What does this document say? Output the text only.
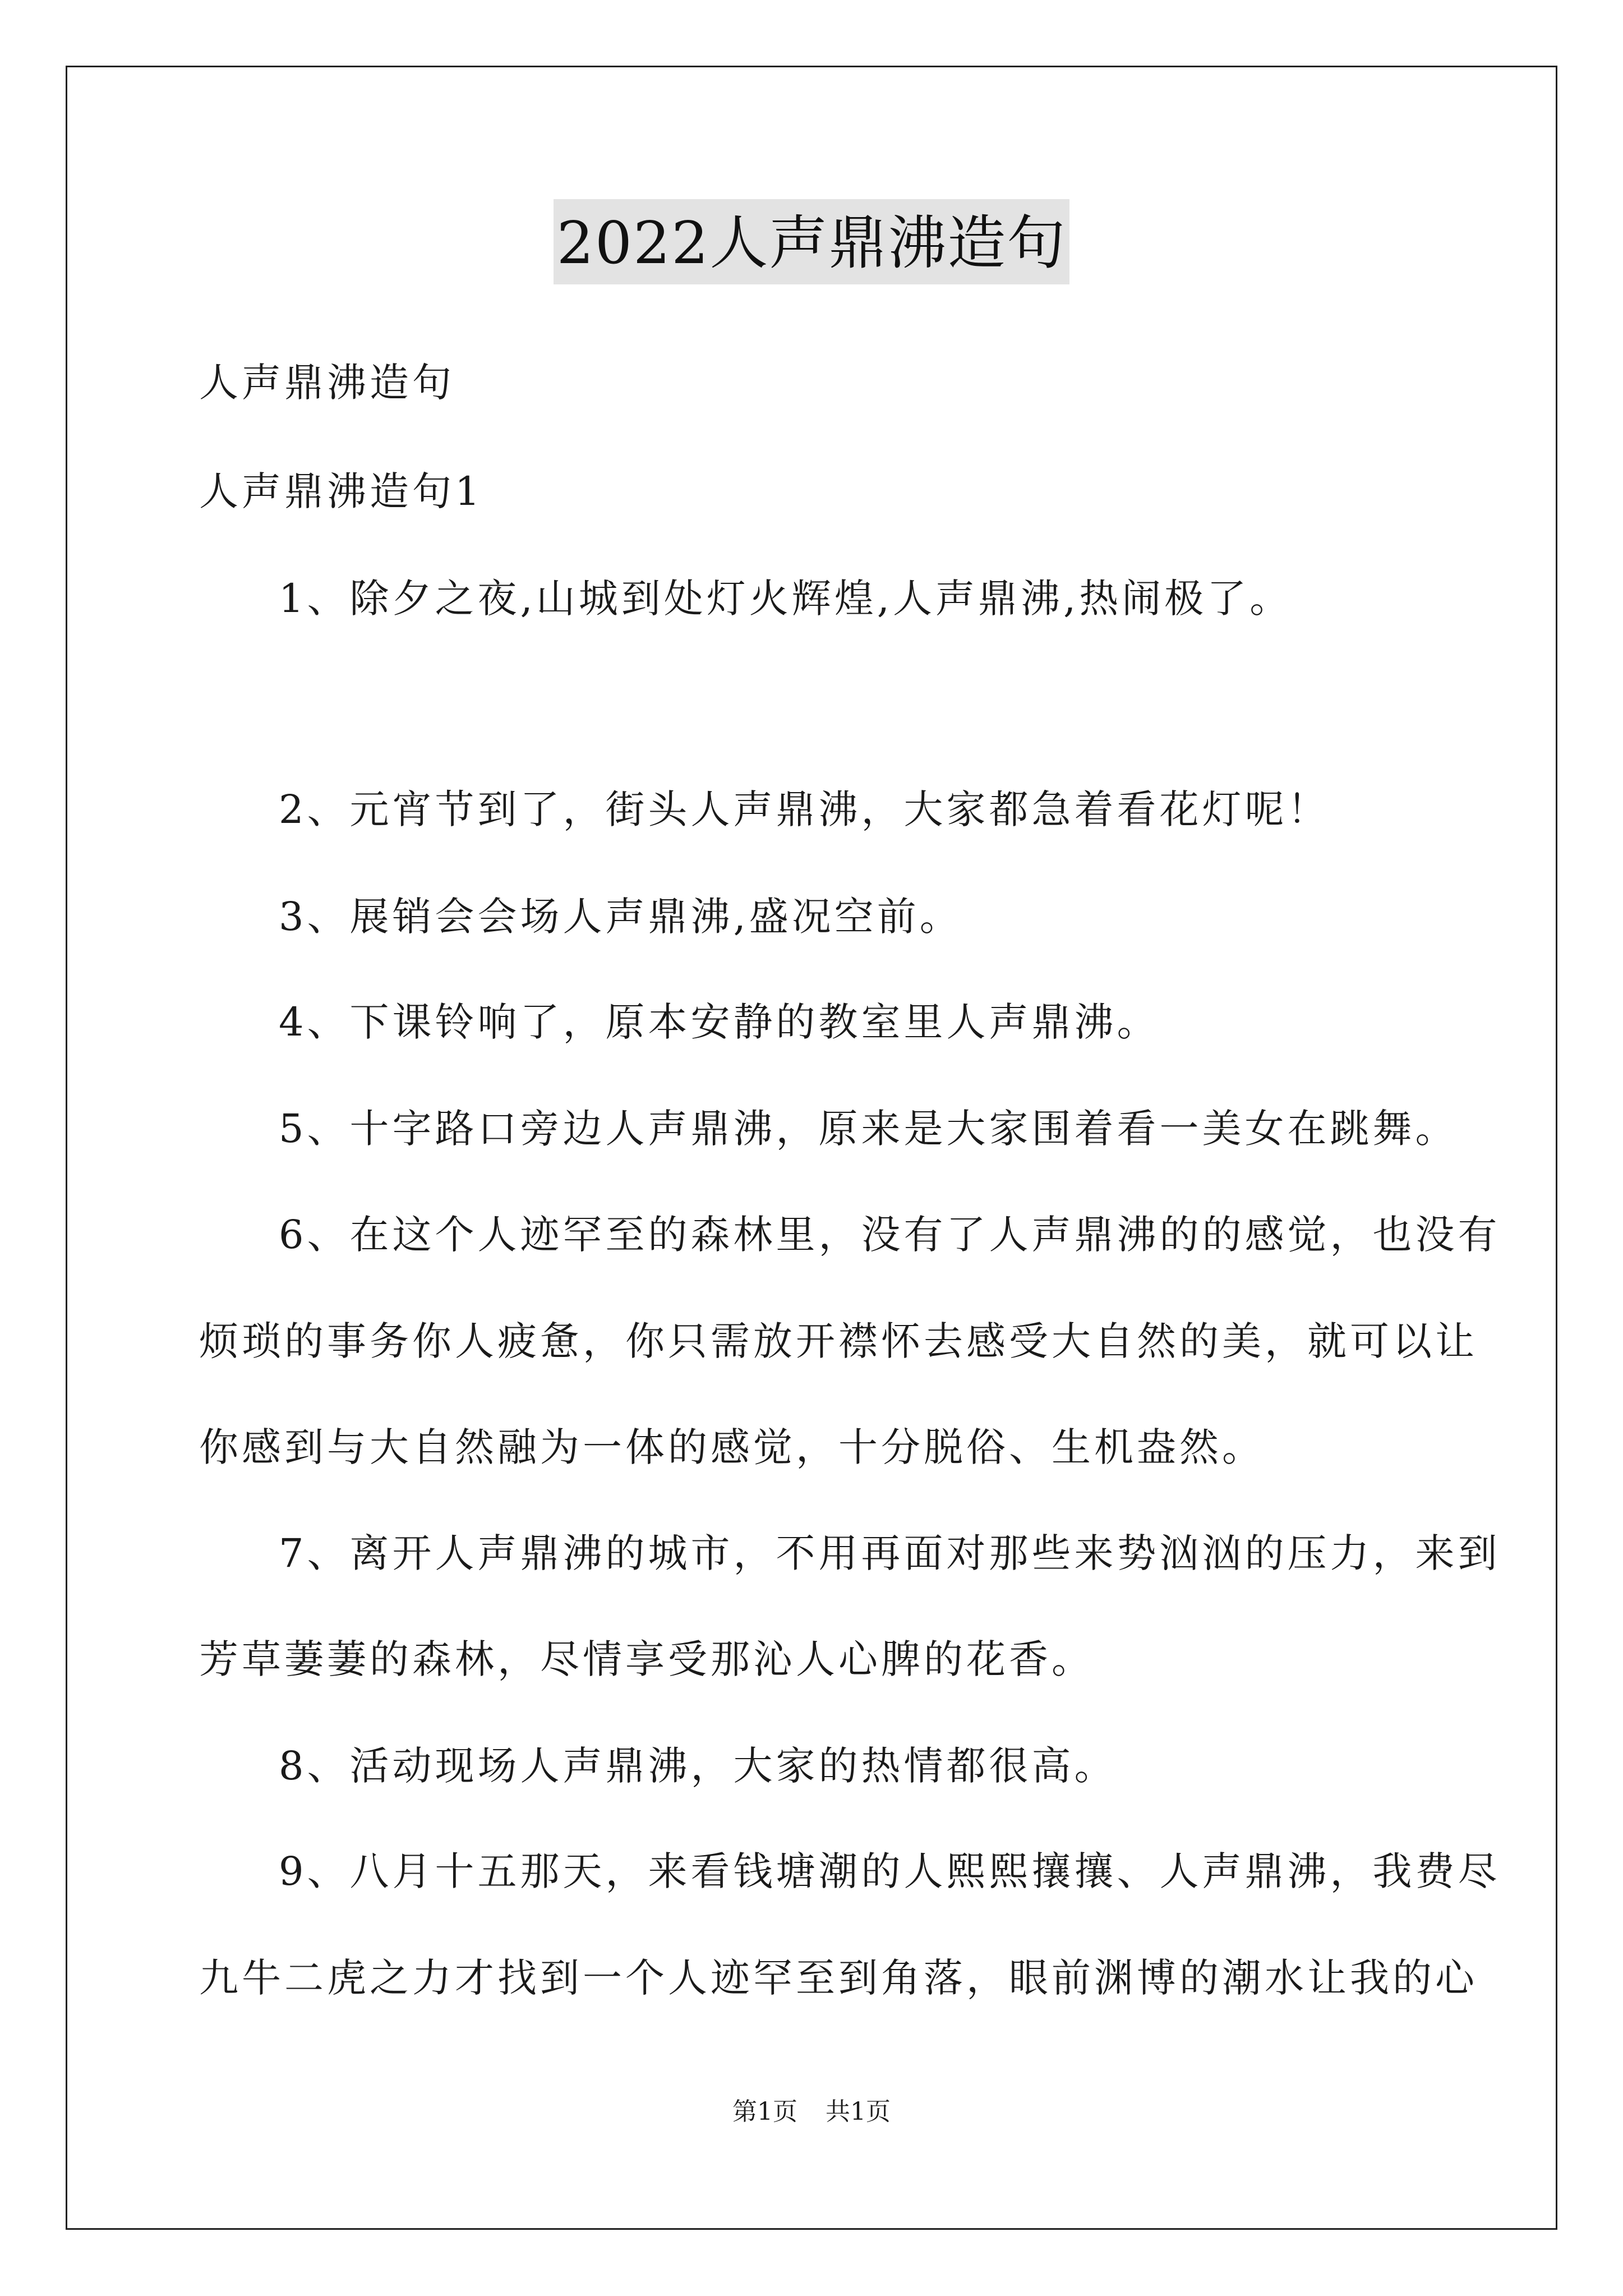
2022人声鼎沸造句
人声鼎沸造句
人声鼎沸造句1
1、除夕之夜,山城到处灯火辉煌,人声鼎沸,热闹极了。
2、元宵节到了，街头人声鼎沸，大家都急着看花灯呢！
3、展销会会场人声鼎沸,盛况空前。
4、下课铃响了，原本安静的教室里人声鼎沸。
5、十字路口旁边人声鼎沸，原来是大家围着看一美女在跳舞。
6、在这个人迹罕至的森林里，没有了人声鼎沸的的感觉，也没有
烦琐的事务你人疲惫，你只需放开襟怀去感受大自然的美，就可以让
你感到与大自然融为一体的感觉，十分脱俗、生机盎然。
7、离开人声鼎沸的城市，不用再面对那些来势汹汹的压力，来到
芳草萋萋的森林，尽情享受那沁人心脾的花香。
8、活动现场人声鼎沸，大家的热情都很高。
9、八月十五那天，来看钱塘潮的人熙熙攘攘、人声鼎沸，我费尽
九牛二虎之力才找到一个人迹罕至到角落，眼前渊博的潮水让我的心
第1页 共1页
